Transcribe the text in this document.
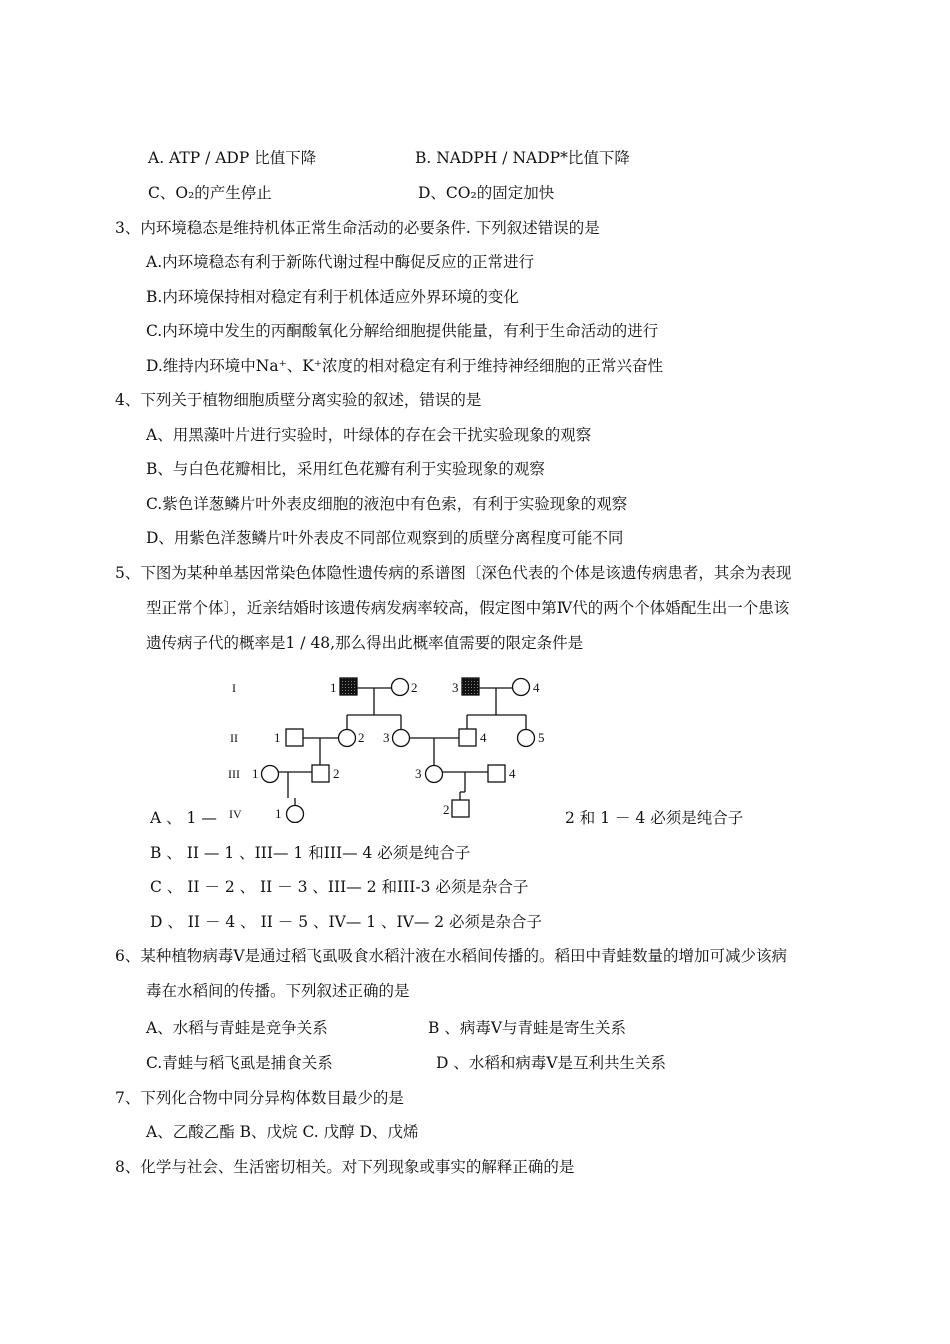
A. ATP / ADP 比值下降	B. NADPH / NADP*比值下降
C、O₂的产生停止	D、CO₂的固定加快
3、内环境稳态是维持机体正常生命活动的必要条件. 下列叙述错误的是
A.内环境稳态有利于新陈代谢过程中酶促反应的正常进行
B.内环境保持相对稳定有利于机体适应外界环境的变化
C.内环境中发生的丙酮酸氧化分解给细胞提供能量，有利于生命活动的进行
D.维持内环境中Na⁺、K⁺浓度的相对稳定有利于维持神经细胞的正常兴奋性
4、下列关于植物细胞质壁分离实验的叙述，错误的是
A、用黑藻叶片进行实验时，叶绿体的存在会干扰实验现象的观察
B、与白色花瓣相比，采用红色花瓣有利于实验现象的观察
C.紫色详葱鳞片叶外表皮细胞的液泡中有色索，有利于实验现象的观察
D、用紫色洋葱鳞片叶外表皮不同部位观察到的质壁分离程度可能不同
5、下图为某种单基因常染色体隐性遗传病的系谱图〔深色代表的个体是该遗传病患者，其余为表现
型正常个体〕，近亲结婚时该遗传病发病率较高，假定图中第Ⅳ代的两个个体婚配生出一个患该
遗传病子代的概率是1 / 48,那么得出此概率值需要的限定条件是
I
II
III
IV
1	2	3	4
1	2 3	4	5
1	2	3	4
1	2
A 、 1 —	2 和 1 － 4 必须是纯合子
B 、 II — 1 、III— 1 和III— 4 必须是纯合子
C 、 II － 2 、 II － 3 、III— 2 和III-3 必须是杂合子
D 、 II － 4 、 II － 5 、IV— 1 、IV— 2 必须是杂合子
6、某种植物病毒V是通过稻飞虱吸食水稻汁液在水稻间传播的。稻田中青蛙数量的增加可减少该病
毒在水稻间的传播。下列叙述正确的是
A、水稻与青蛙是竞争关系	B 、病毒V与青蛙是寄生关系
C.青蛙与稻飞虱是捕食关系	D 、水稻和病毒V是互利共生关系
7、下列化合物中同分异构体数目最少的是
A、乙酸乙酯 B、戊烷 C. 戊醇 D、戊烯
8、化学与社会、生活密切相关。对下列现象或事实的解释正确的是
